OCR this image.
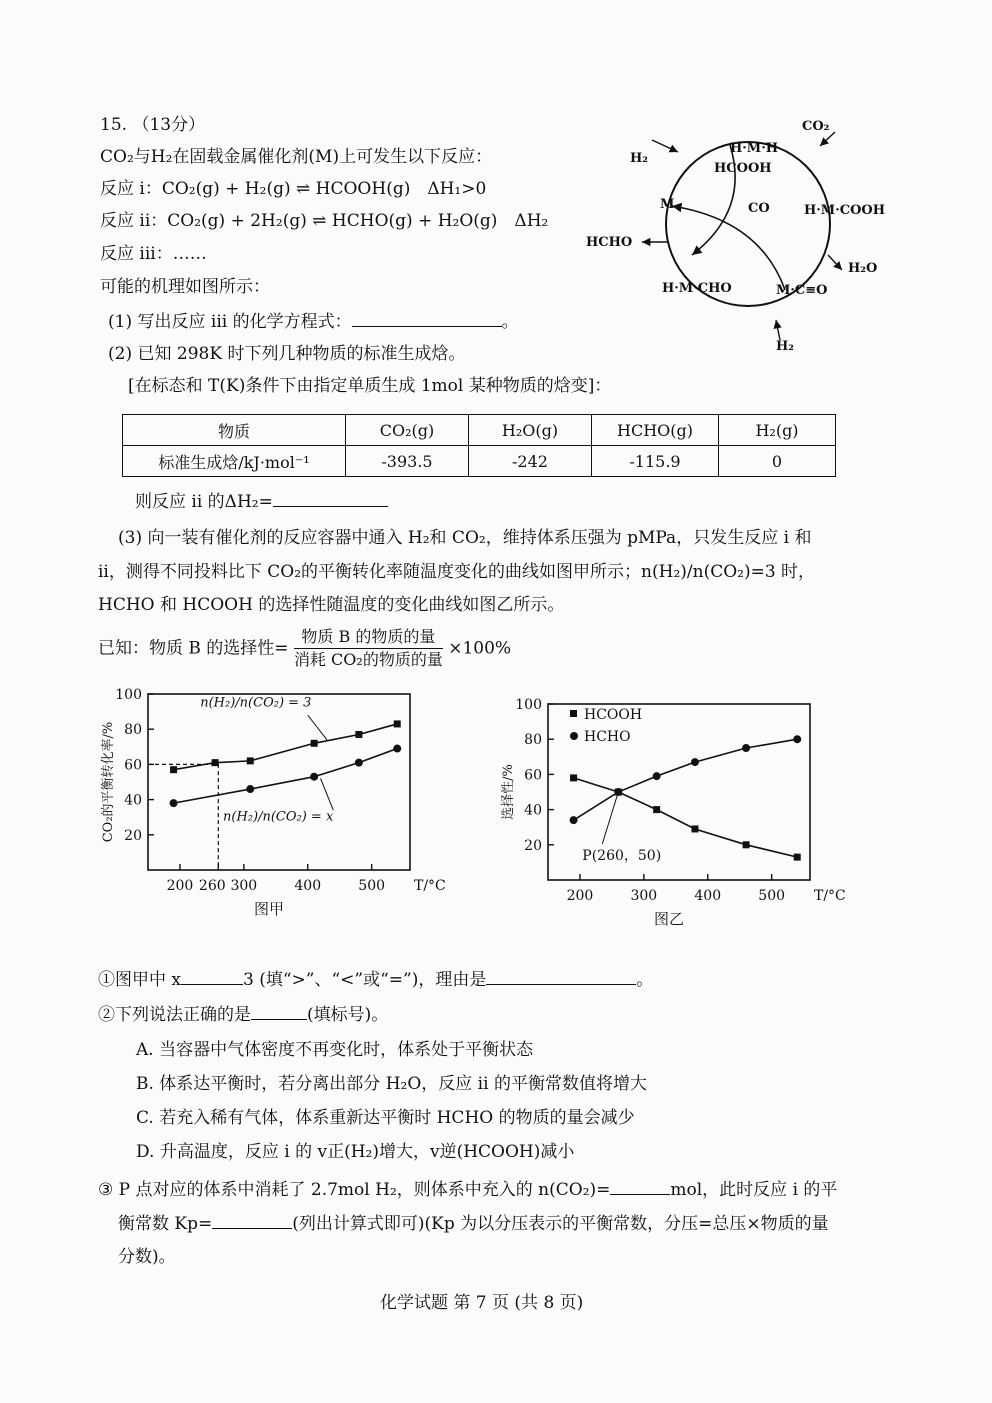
15. （13分）
CO₂与H₂在固载金属催化剂(M)上可发生以下反应：
反应 i：CO₂(g) + H₂(g) ⇌ HCOOH(g)　ΔH₁>0
反应 ii：CO₂(g) + 2H₂(g) ⇌ HCHO(g) + H₂O(g)　ΔH₂
反应 iii：……
可能的机理如图所示：
(1) 写出反应 iii 的化学方程式：	。
(2) 已知 298K 时下列几种物质的标准生成焓。
[在标态和 T(K)条件下由指定单质生成 1mol 某种物质的焓变]：
H·M·H
HCOOH
H·M·COOH
M·C≡O
H·M·CHO
M	CO
HCHO
H₂O
H₂
H₂
CO₂
物质	CO₂(g)	H₂O(g)	HCHO(g)	H₂(g)
标准生成焓/kJ·mol⁻¹	-393.5	-242	-115.9	0
则反应 ii 的ΔH₂=
(3) 向一装有催化剂的反应容器中通入 H₂和 CO₂，维持体系压强为 pMPa，只发生反应 i 和
ii，测得不同投料比下 CO₂的平衡转化率随温度变化的曲线如图甲所示；n(H₂)/n(CO₂)=3 时，
HCHO 和 HCOOH 的选择性随温度的变化曲线如图乙所示。
已知：物质 B 的选择性= $\frac{\text{物质 B 的物质的量}}{\text{消耗 CO₂的物质的量}} \times 100\%$
20
40
60
80
100
200 260 300	400	500 T/°C
CO₂的平衡转化率/%
图甲
n(H₂)/n(CO₂) = 3
n(H₂)/n(CO₂) = x
20
40
60
80
100
200	300	400	500 T/°C
选择性/%
图乙
HCOOH
HCHO
P(260，50)
①图甲中 x	3 (填“>”、“<”或“=”)，理由是	。
②下列说法正确的是	(填标号)。
A. 当容器中气体密度不再变化时，体系处于平衡状态
B. 体系达平衡时，若分离出部分 H₂O，反应 ii 的平衡常数值将增大
C. 若充入稀有气体，体系重新达平衡时 HCHO 的物质的量会减少
D. 升高温度，反应 i 的 v正(H₂)增大，v逆(HCOOH)减小
③ P 点对应的体系中消耗了 2.7mol H₂，则体系中充入的 n(CO₂)=	mol，此时反应 i 的平
衡常数 Kp=	(列出计算式即可)(Kp 为以分压表示的平衡常数，分压=总压×物质的量
分数)。
化学试题 第 7 页 (共 8 页)
